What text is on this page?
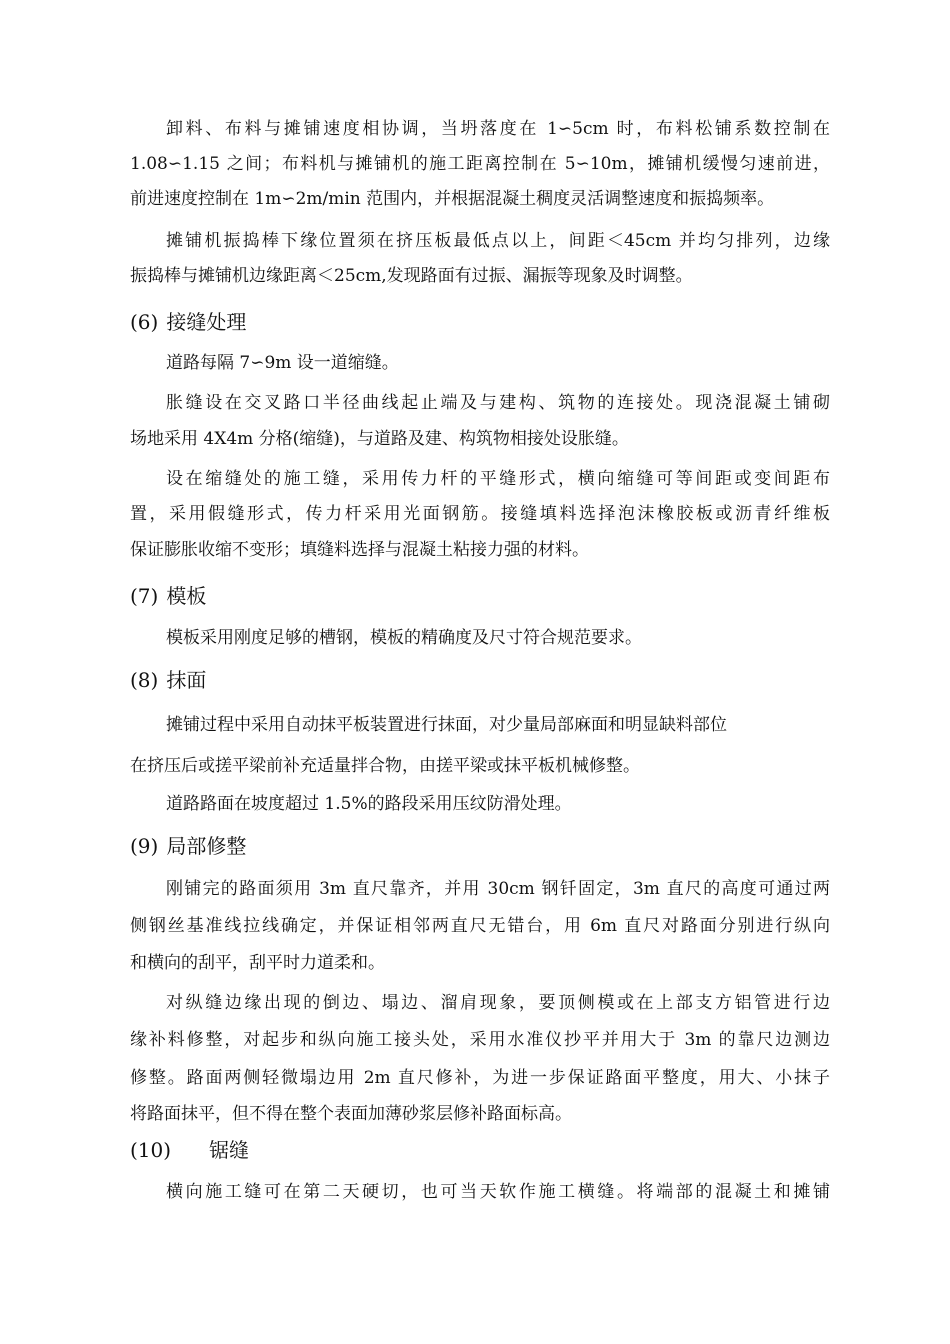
卸料、布料与摊铺速度相协调，当坍落度在 1∽5cm 时，布料松铺系数控制在
1.08∽1.15 之间；布料机与摊铺机的施工距离控制在 5∽10m，摊铺机缓慢匀速前进，
前进速度控制在 1m∽2m/min 范围内，并根据混凝土稠度灵活调整速度和振捣频率。
摊铺机振捣棒下缘位置须在挤压板最低点以上，间距＜45cm 并均匀排列，边缘
振捣棒与摊铺机边缘距离＜25cm,发现路面有过振、漏振等现象及时调整。
(6) 接缝处理
道路每隔 7∽9m 设一道缩缝。
胀缝设在交叉路口半径曲线起止端及与建构、筑物的连接处。现浇混凝土铺砌
场地采用 4X4m 分格(缩缝)，与道路及建、构筑物相接处设胀缝。
设在缩缝处的施工缝，采用传力杆的平缝形式，横向缩缝可等间距或变间距布
置，采用假缝形式，传力杆采用光面钢筋。接缝填料选择泡沫橡胶板或沥青纤维板
保证膨胀收缩不变形；填缝料选择与混凝土粘接力强的材料。
(7) 模板
模板采用刚度足够的槽钢，模板的精确度及尺寸符合规范要求。
(8) 抹面
摊铺过程中采用自动抹平板装置进行抹面，对少量局部麻面和明显缺料部位
在挤压后或搓平梁前补充适量拌合物，由搓平梁或抹平板机械修整。
道路路面在坡度超过 1.5%的路段采用压纹防滑处理。
(9) 局部修整
刚铺完的路面须用 3m 直尺靠齐，并用 30cm 钢钎固定，3m 直尺的高度可通过两
侧钢丝基准线拉线确定，并保证相邻两直尺无错台，用 6m 直尺对路面分别进行纵向
和横向的刮平，刮平时力道柔和。
对纵缝边缘出现的倒边、塌边、溜肩现象，要顶侧模或在上部支方铝管进行边
缘补料修整，对起步和纵向施工接头处，采用水准仪抄平并用大于 3m 的靠尺边测边
修整。路面两侧轻微塌边用 2m 直尺修补，为进一步保证路面平整度，用大、小抹子
将路面抹平，但不得在整个表面加薄砂浆层修补路面标高。
(10) 锯缝
横向施工缝可在第二天硬切，也可当天软作施工横缝。将端部的混凝土和摊铺
